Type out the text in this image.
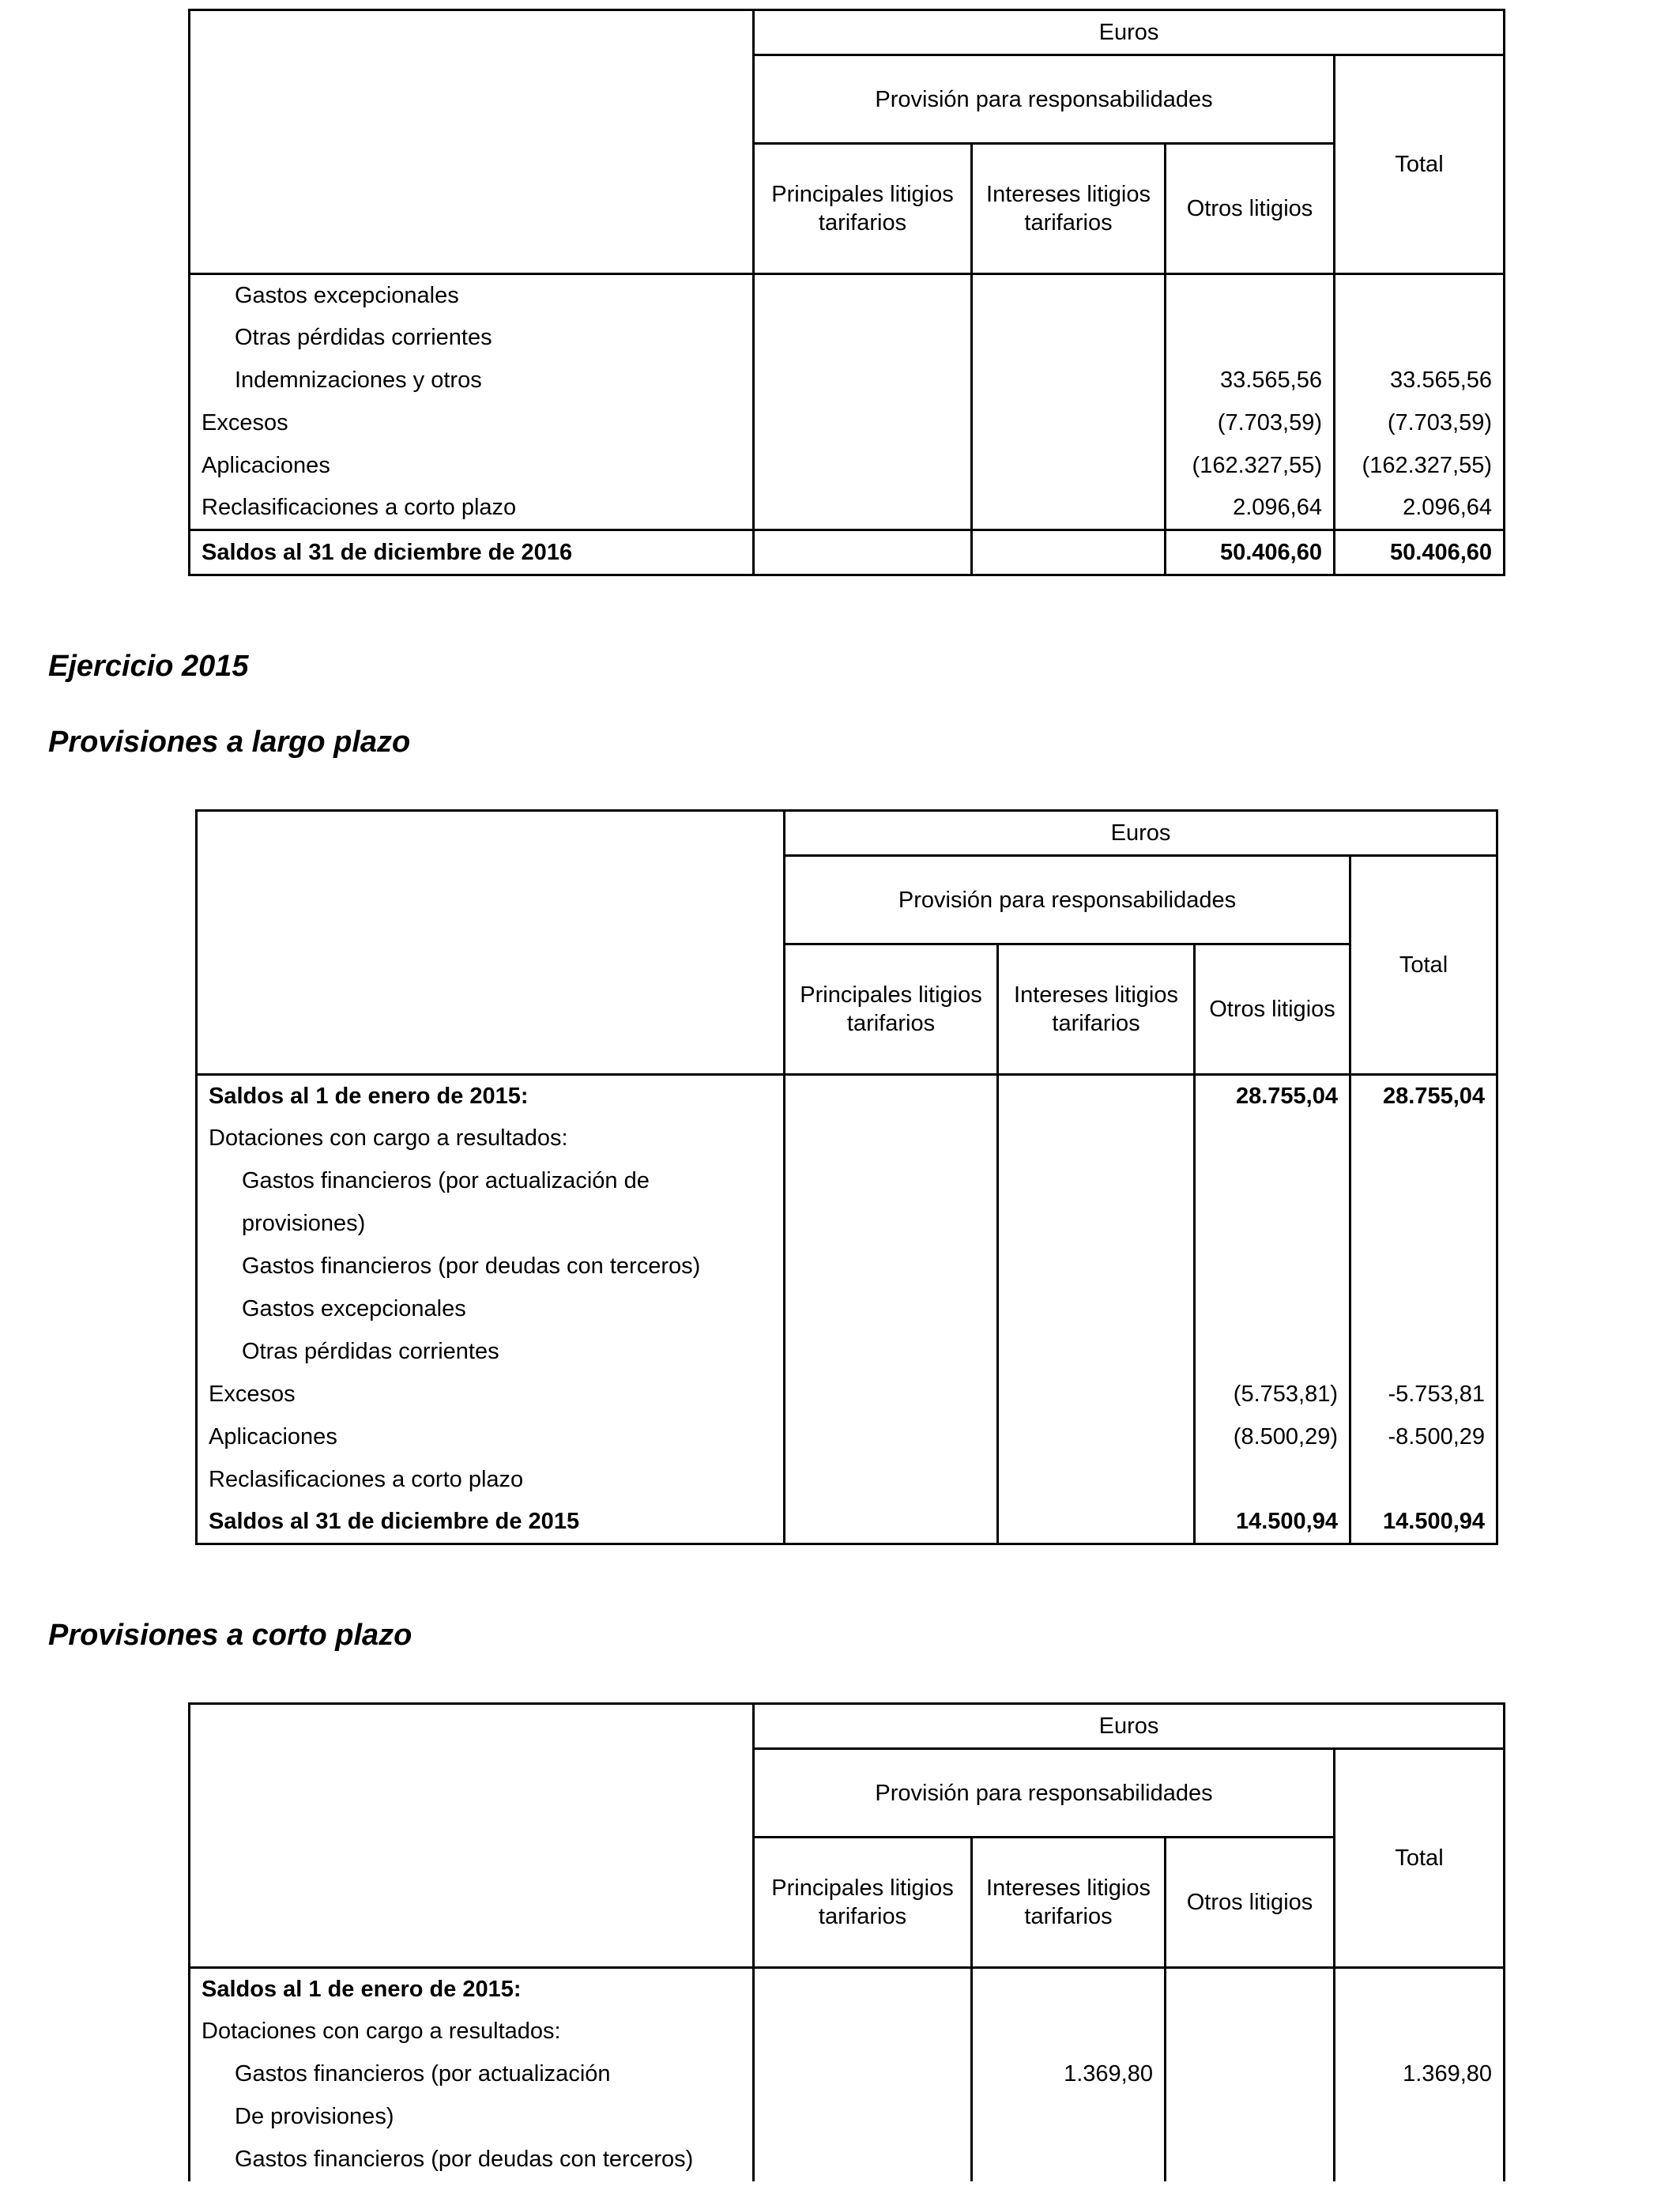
	Euros			
	Provisión para responsabilidades			Total
	Principales litigios tarifarios	Intereses litigios tarifarios	Otros litigios	
Gastos excepcionales				
Otras pérdidas corrientes				
Indemnizaciones y otros			33.565,56	33.565,56
Excesos			(7.703,59)	(7.703,59)
Aplicaciones			(162.327,55)	(162.327,55)
Reclasificaciones a corto plazo			2.096,64	2.096,64
Saldos al 31 de diciembre de 2016			50.406,60	50.406,60
Ejercicio 2015
Provisiones a largo plazo
	Euros			
	Provisión para responsabilidades			Total
	Principales litigios tarifarios	Intereses litigios tarifarios	Otros litigios	
Saldos al 1 de enero de 2015:			28.755,04	28.755,04
Dotaciones con cargo a resultados:				
Gastos financieros (por actualización de				
provisiones)				
Gastos financieros (por deudas con terceros)				
Gastos excepcionales				
Otras pérdidas corrientes				
Excesos			(5.753,81)	-5.753,81
Aplicaciones			(8.500,29)	-8.500,29
Reclasificaciones a corto plazo				
Saldos al 31 de diciembre de 2015			14.500,94	14.500,94
Provisiones a corto plazo
	Euros			
	Provisión para responsabilidades			Total
	Principales litigios tarifarios	Intereses litigios tarifarios	Otros litigios	
Saldos al 1 de enero de 2015:				
Dotaciones con cargo a resultados:				
Gastos financieros (por actualización		1.369,80		1.369,80
De provisiones)				
Gastos financieros (por deudas con terceros)				
